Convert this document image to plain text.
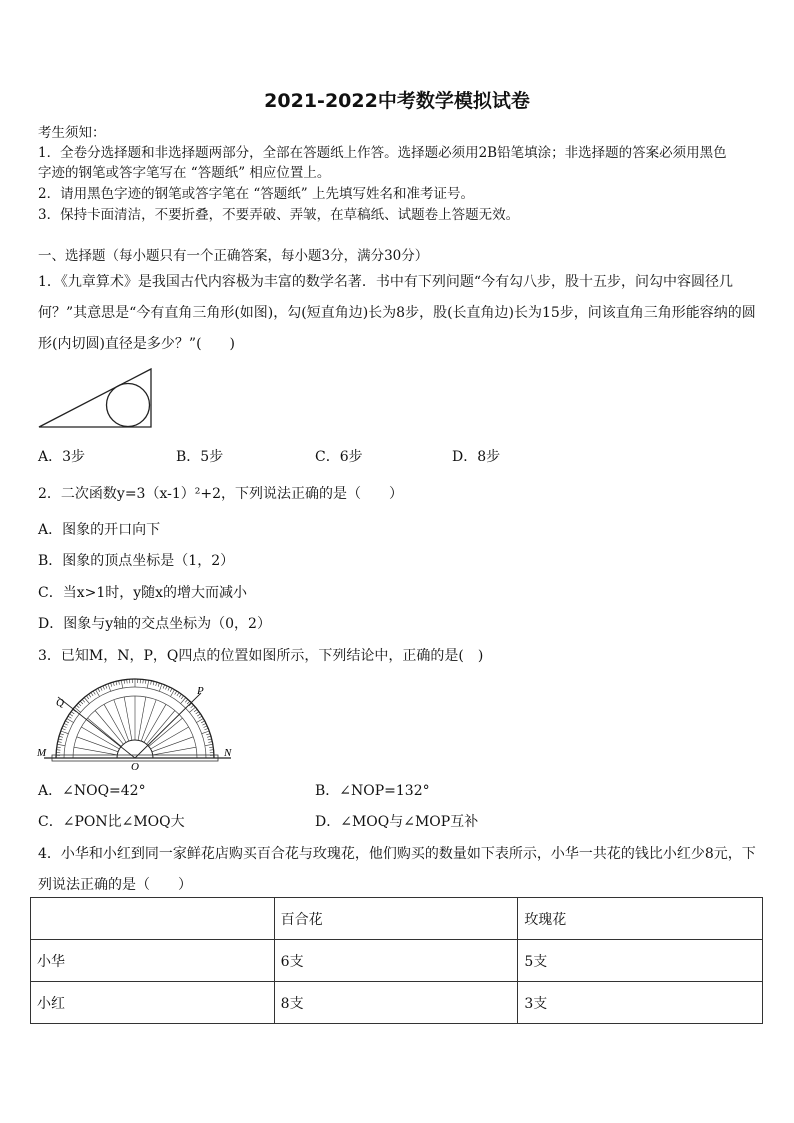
2021-2022中考数学模拟试卷
考生须知：
1．全卷分选择题和非选择题两部分，全部在答题纸上作答。选择题必须用2B铅笔填涂；非选择题的答案必须用黑色
字迹的钢笔或答字笔写在 “答题纸” 相应位置上。
2．请用黑色字迹的钢笔或答字笔在 “答题纸” 上先填写姓名和准考证号。
3．保持卡面清洁，不要折叠，不要弄破、弄皱，在草稿纸、试题卷上答题无效。
一、选择题（每小题只有一个正确答案，每小题3分，满分30分）
1．《九章算术》是我国古代内容极为丰富的数学名著．书中有下列问题“今有勾八步，股十五步，问勾中容圆径几
何？”其意思是“今有直角三角形(如图)，勾(短直角边)长为8步，股(长直角边)长为15步，问该直角三角形能容纳的圆
形(内切圆)直径是多少？”(　　)
A．3步	B．5步	C．6步	D．8步
2．二次函数y=3（x-1）²+2，下列说法正确的是（　　）
A．图象的开口向下
B．图象的顶点坐标是（1，2）
C．当x>1时，y随x的增大而减小
D．图象与y轴的交点坐标为（0，2）
3．已知M，N，P，Q四点的位置如图所示，下列结论中，正确的是(　)
Q
P
M	N
O
A．∠NOQ=42°	B．∠NOP=132°
C．∠PON比∠MOQ大	D．∠MOQ与∠MOP互补
4．小华和小红到同一家鲜花店购买百合花与玫瑰花，他们购买的数量如下表所示，小华一共花的钱比小红少8元，下
列说法正确的是（　　）
	百合花	玫瑰花
小华	6支	5支
小红	8支	3支
